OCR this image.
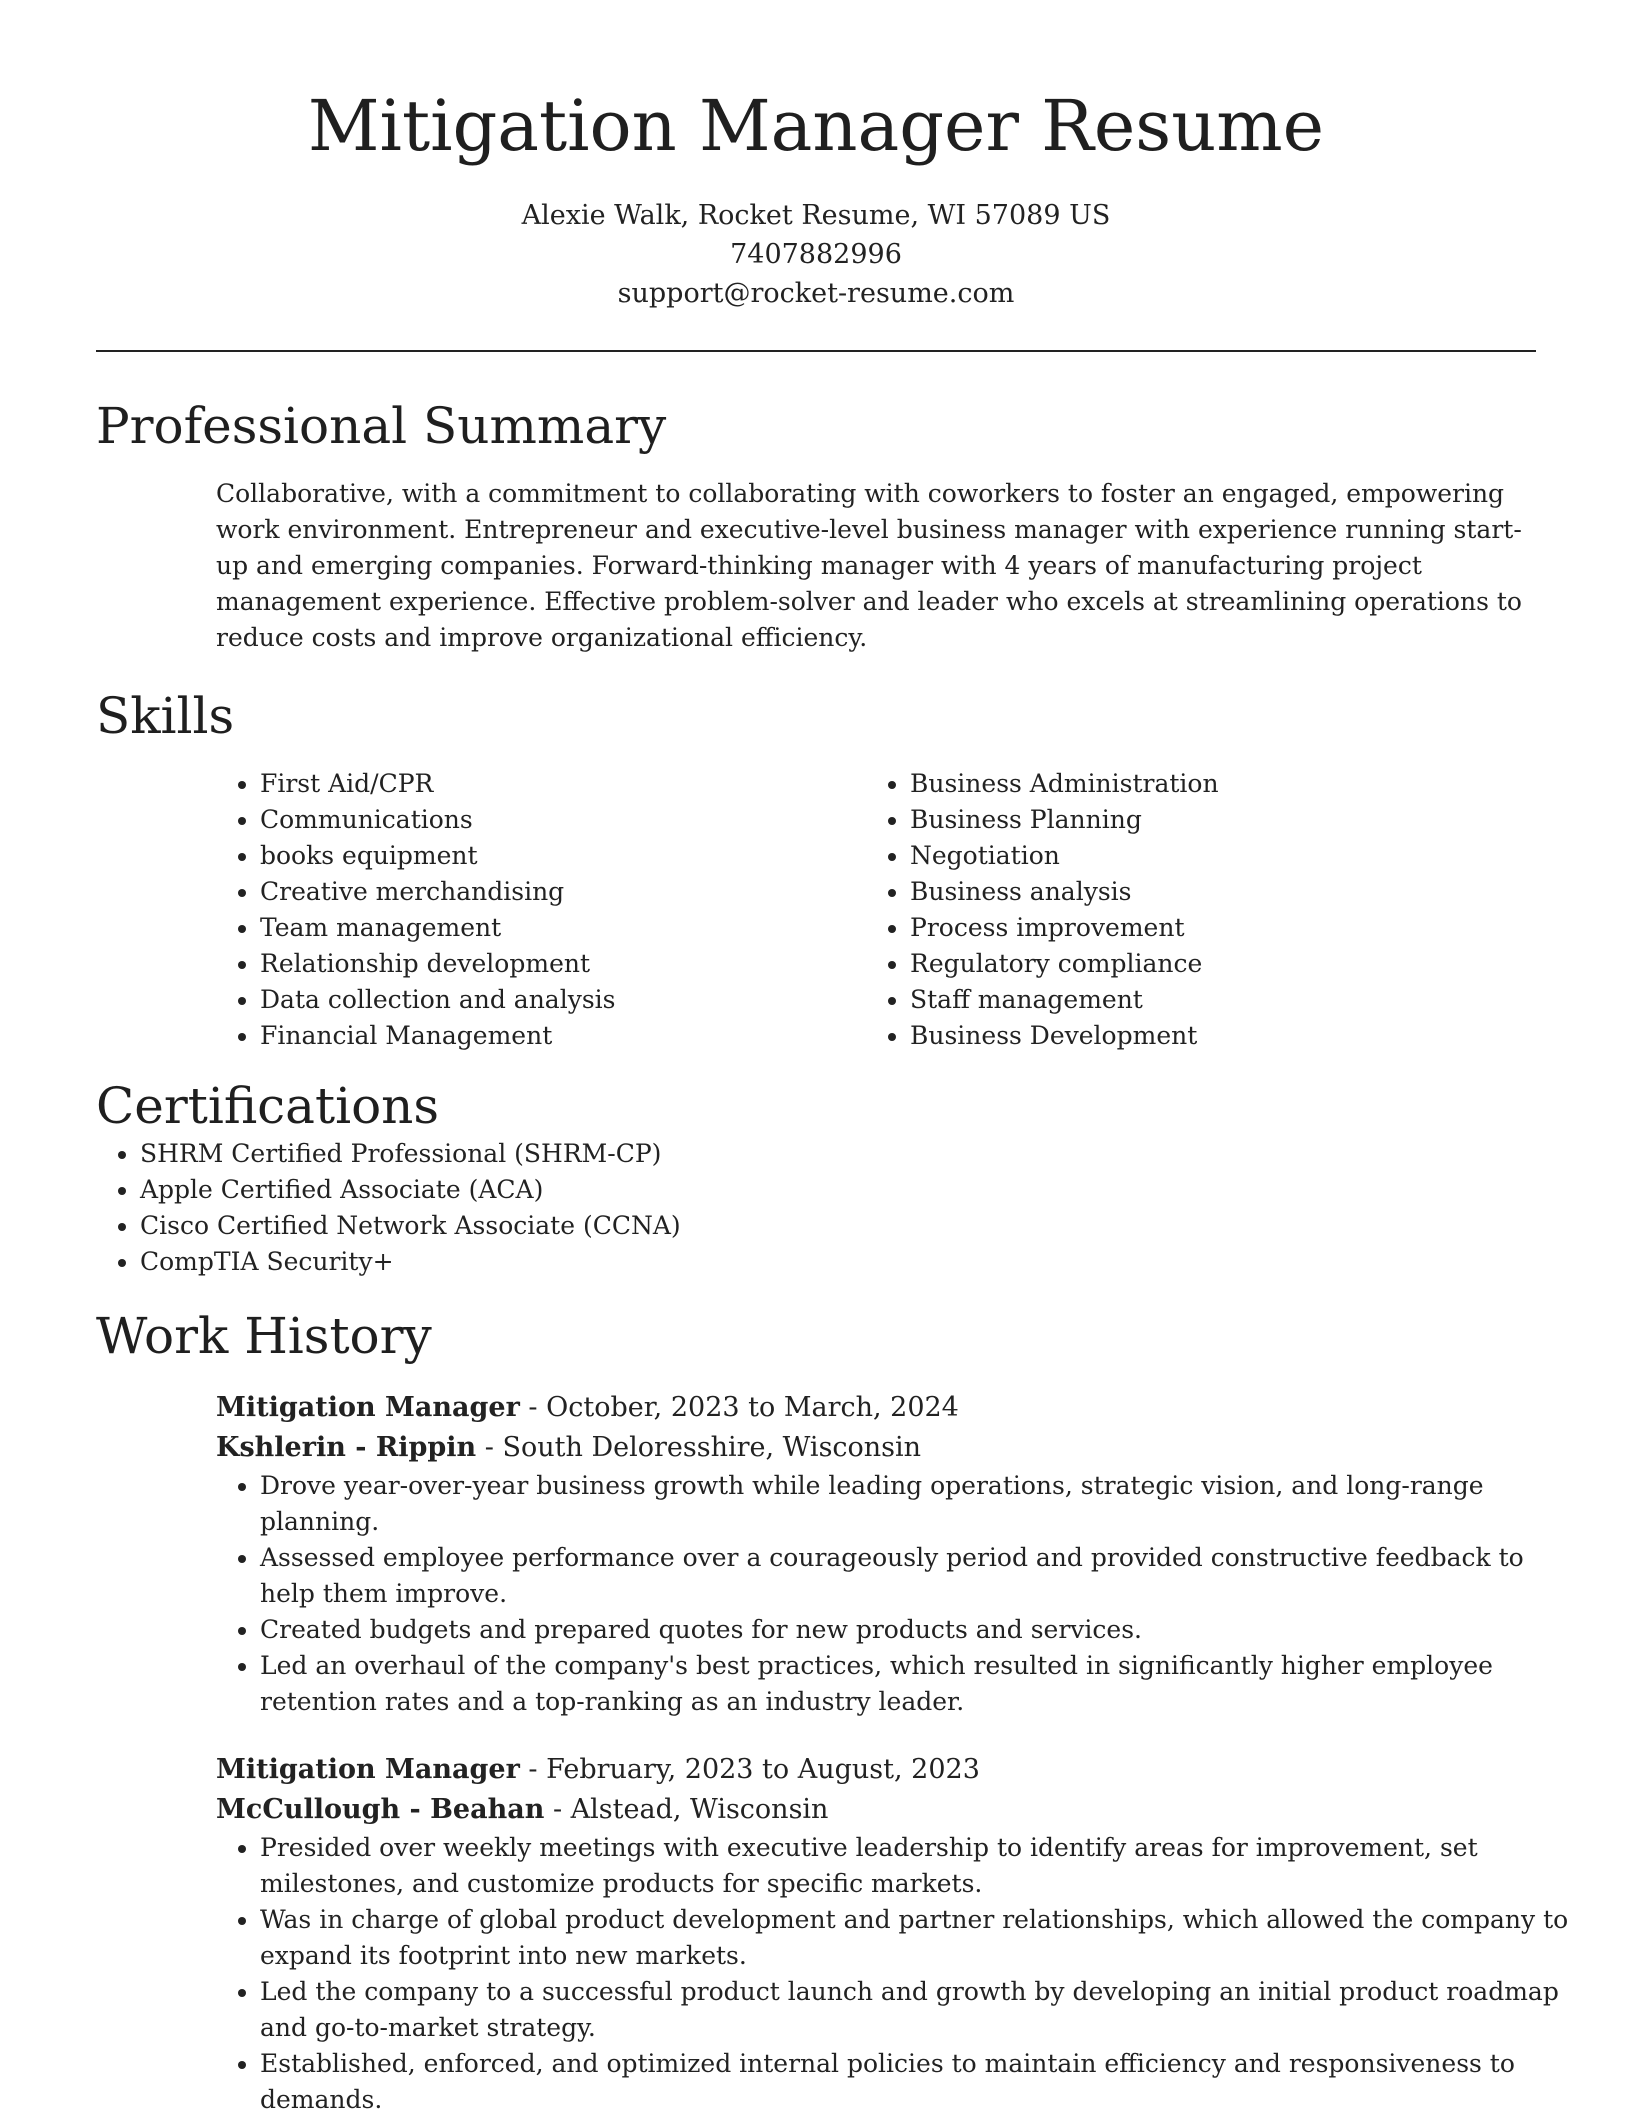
Mitigation Manager Resume
Alexie Walk, Rocket Resume, WI 57089 US
7407882996
support@rocket-resume.com
Professional Summary

Collaborative, with a commitment to collaborating with coworkers to foster an engaged, empowering work environment. Entrepreneur and executive-level business manager with experience running start-up and emerging companies. Forward-thinking manager with 4 years of manufacturing project management experience. Effective problem-solver and leader who excels at streamlining operations to reduce costs and improve organizational efficiency.

Skills
• First Aid/CPR
• Communications
• books equipment
• Creative merchandising
• Team management
• Relationship development
• Data collection and analysis
• Financial Management
• Business Administration
• Business Planning
• Negotiation
• Business analysis
• Process improvement
• Regulatory compliance
• Staff management
• Business Development
Certifications
• SHRM Certified Professional (SHRM-CP)
• Apple Certified Associate (ACA)
• Cisco Certified Network Associate (CCNA)
• CompTIA Security+
Work History
Mitigation Manager - October, 2023 to March, 2024
Kshlerin - Rippin - South Deloresshire, Wisconsin
• Drove year-over-year business growth while leading operations, strategic vision, and long-range planning.
• Assessed employee performance over a courageously period and provided constructive feedback to help them improve.
• Created budgets and prepared quotes for new products and services.
• Led an overhaul of the company's best practices, which resulted in significantly higher employee retention rates and a top-ranking as an industry leader.
Mitigation Manager - February, 2023 to August, 2023
McCullough - Beahan - Alstead, Wisconsin
• Presided over weekly meetings with executive leadership to identify areas for improvement, set milestones, and customize products for specific markets.
• Was in charge of global product development and partner relationships, which allowed the company to expand its footprint into new markets.
• Led the company to a successful product launch and growth by developing an initial product roadmap and go-to-market strategy.
• Established, enforced, and optimized internal policies to maintain efficiency and responsiveness to demands.
